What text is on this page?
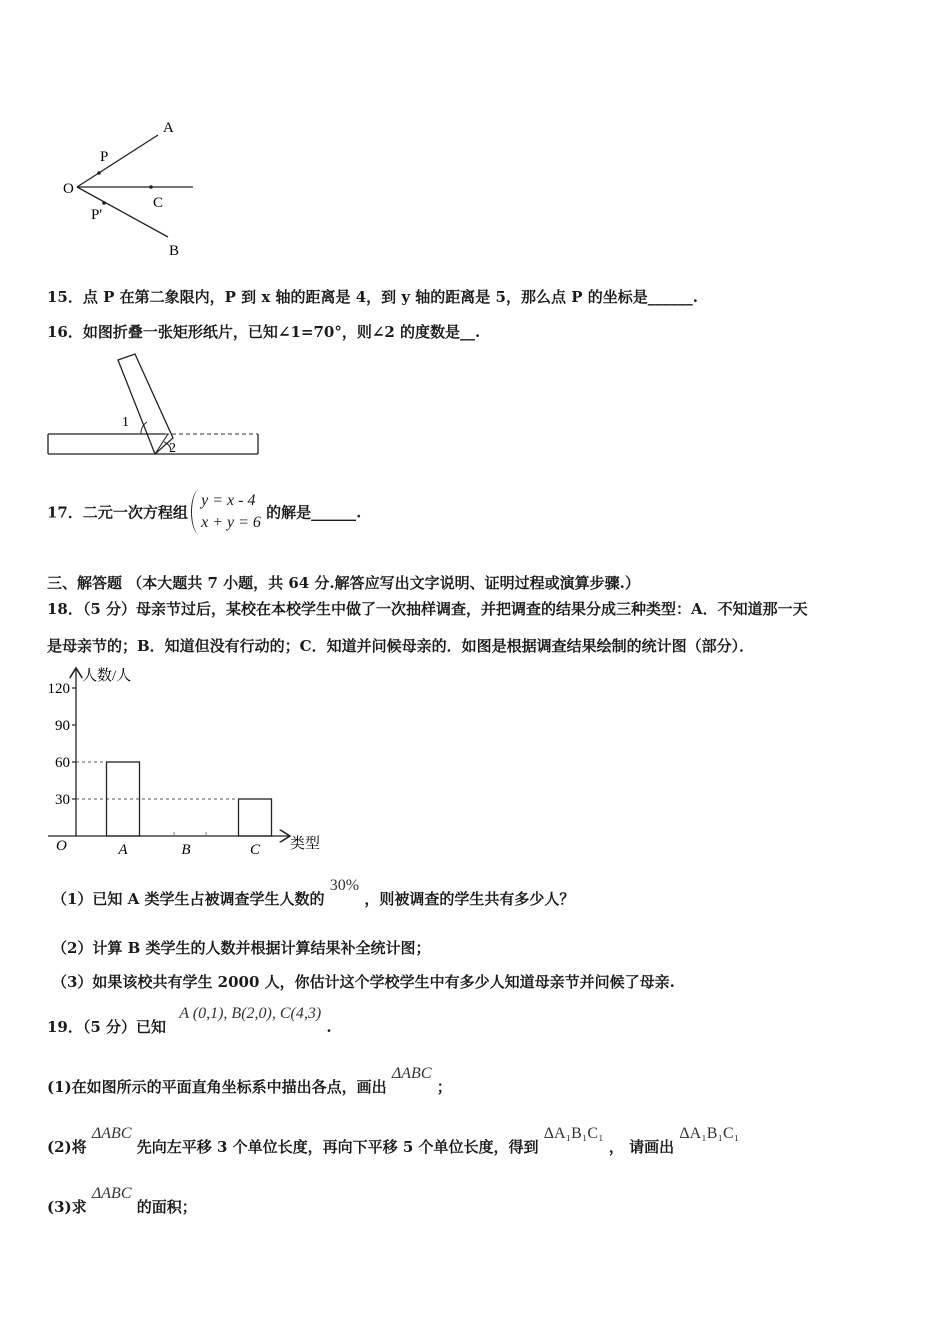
O
P
A
C
P'
B
15．点 P 在第二象限内，P 到 x 轴的距离是 4，到 y 轴的距离是 5，那么点 P 的坐标是______.
16．如图折叠一张矩形纸片，已知∠1=70°，则∠2 的度数是__.
1
2
17．二元一次方程组
y = x - 4
x + y = 6
的解是______.
三、解答题 （本大题共 7 小题，共 64 分.解答应写出文字说明、证明过程或演算步骤.）
18．（5 分）母亲节过后，某校在本校学生中做了一次抽样调查，并把调查的结果分成三种类型：A．不知道那一天
是母亲节的；B．知道但没有行动的；C．知道并问候母亲的．如图是根据调查结果绘制的统计图（部分）．
30
60
90
120
A	B	C
人数/人
类型
O
（1）已知 A 类学生占被调查学生人数的 30% ，则被调查的学生共有多少人？
（2）计算 B 类学生的人数并根据计算结果补全统计图；
（3）如果该校共有学生 2000 人，你估计这个学校学生中有多少人知道母亲节并问候了母亲.
19．（5 分）已知 A (0,1), B(2,0), C(4,3) .
(1)在如图所示的平面直角坐标系中描出各点，画出 ΔABC ；
(2)将 ΔABC 先向左平移 3 个单位长度，再向下平移 5 个单位长度，得到 ΔA₁B₁C₁ ， 请画出 ΔA₁B₁C₁
(3)求 ΔABC 的面积；
